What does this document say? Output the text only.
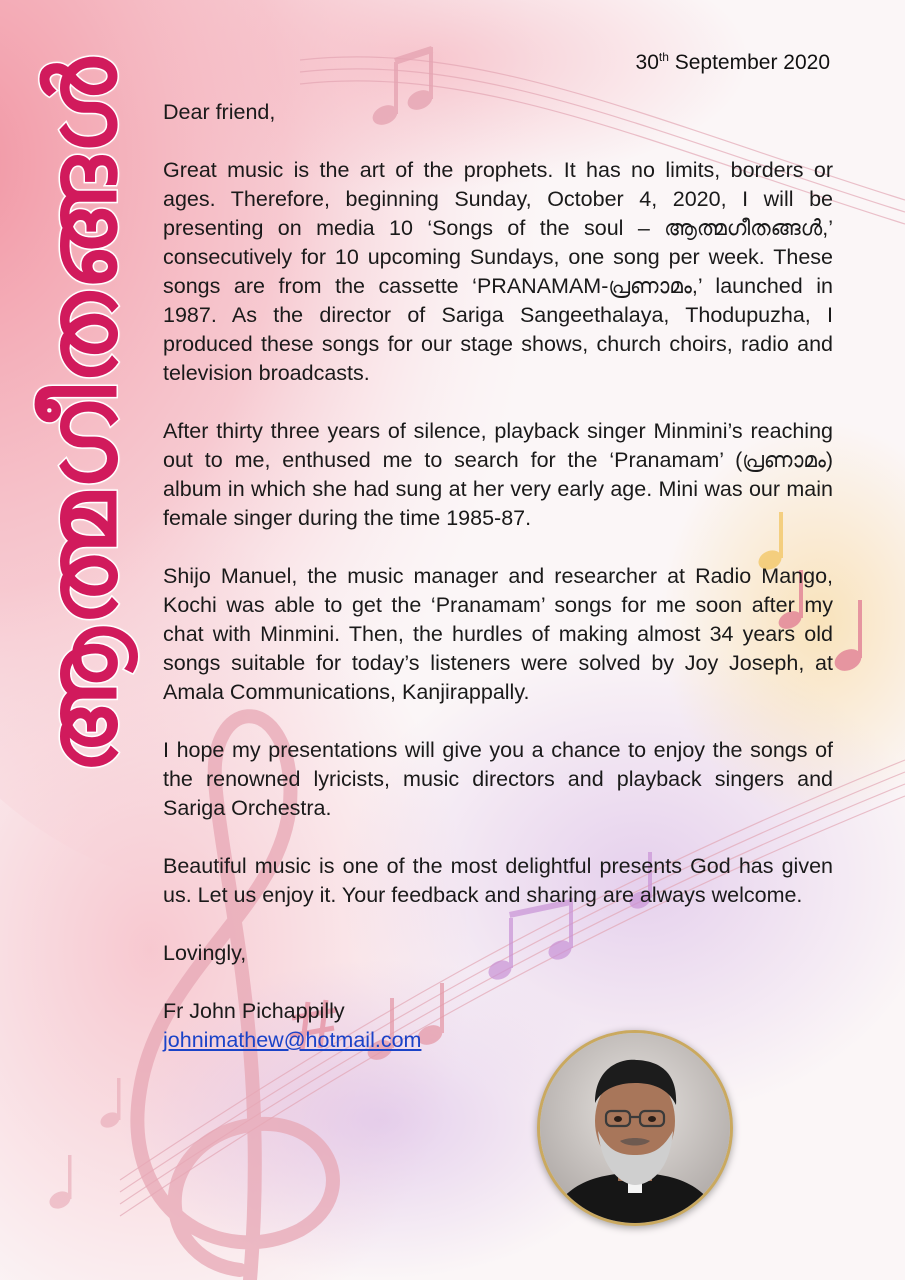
ആത്മഗീതങ്ങൾ	30th September 2020

Dear friend,

Great music is the art of the prophets. It has no limits, borders or ages. Therefore, beginning Sunday, October 4, 2020, I will be presenting on media 10 ‘Songs of the soul – ആത്മഗീതങ്ങൾ,’ consecutively for 10 upcoming Sundays, one song per week. These songs are from the cassette ‘PRANAMAM-പ്രണാമം,’ launched in 1987. As the director of Sariga Sangeethalaya, Thodupuzha, I produced these songs for our stage shows, church choirs, radio and television broadcasts.

After thirty three years of silence, playback singer Minmini’s reaching out to me, enthused me to search for the ‘Pranamam’ (പ്രണാമം) album in which she had sung at her very early age. Mini was our main female singer during the time 1985-87.

Shijo Manuel, the music manager and researcher at Radio Mango, Kochi was able to get the ‘Pranamam’ songs for me soon after my chat with Minmini. Then, the hurdles of making almost 34 years old songs suitable for today’s listeners were solved by Joy Joseph, at Amala Communications, Kanjirappally.

I hope my presentations will give you a chance to enjoy the songs of the renowned lyricists, music directors and playback singers and Sariga Orchestra.

Beautiful music is one of the most delightful presents God has given us. Let us enjoy it. Your feedback and sharing are always welcome.

Lovingly,

Fr John Pichappilly

johnimathew@hotmail.com
